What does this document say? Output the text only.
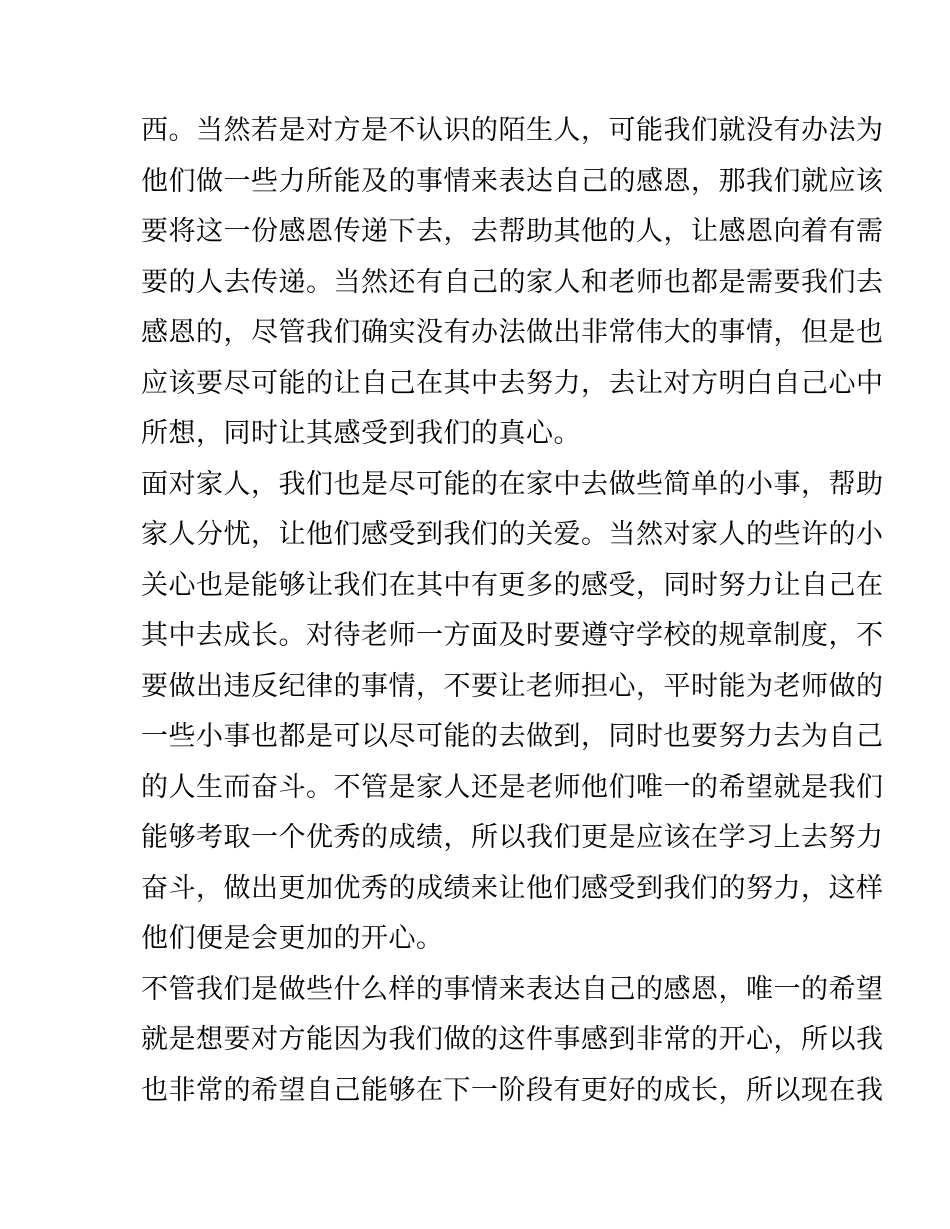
西。当然若是对方是不认识的陌生人，可能我们就没有办法为
他们做一些力所能及的事情来表达自己的感恩，那我们就应该
要将这一份感恩传递下去，去帮助其他的人，让感恩向着有需
要的人去传递。当然还有自己的家人和老师也都是需要我们去
感恩的，尽管我们确实没有办法做出非常伟大的事情，但是也
应该要尽可能的让自己在其中去努力，去让对方明白自己心中
所想，同时让其感受到我们的真心。
面对家人，我们也是尽可能的在家中去做些简单的小事，帮助
家人分忧，让他们感受到我们的关爱。当然对家人的些许的小
关心也是能够让我们在其中有更多的感受，同时努力让自己在
其中去成长。对待老师一方面及时要遵守学校的规章制度，不
要做出违反纪律的事情，不要让老师担心，平时能为老师做的
一些小事也都是可以尽可能的去做到，同时也要努力去为自己
的人生而奋斗。不管是家人还是老师他们唯一的希望就是我们
能够考取一个优秀的成绩，所以我们更是应该在学习上去努力
奋斗，做出更加优秀的成绩来让他们感受到我们的努力，这样
他们便是会更加的开心。
不管我们是做些什么样的事情来表达自己的感恩，唯一的希望
就是想要对方能因为我们做的这件事感到非常的开心，所以我
也非常的希望自己能够在下一阶段有更好的成长，所以现在我
